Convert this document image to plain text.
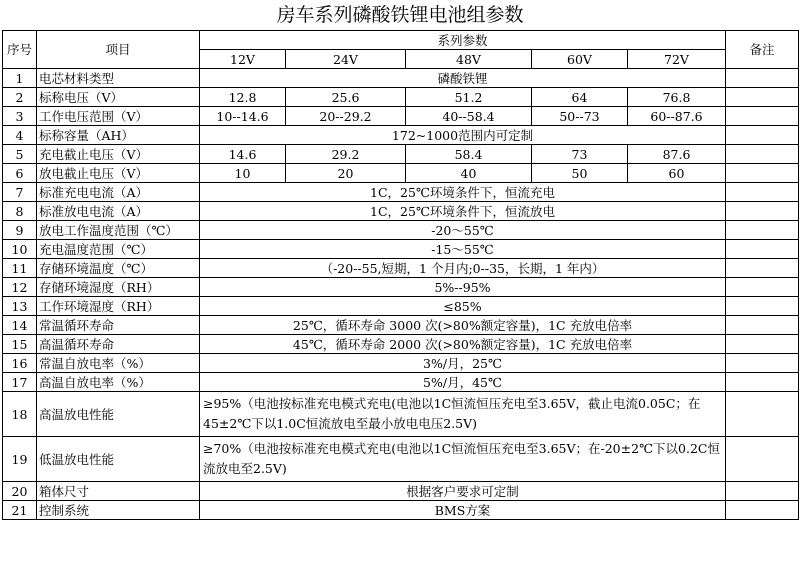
房车系列磷酸铁锂电池组参数
序号	项目	系列参数					备注
		12V	24V	48V	60V	72V	
1	电芯材料类型	磷酸铁锂					
2	标称电压（V）	12.8	25.6	51.2	64	76.8	
3	工作电压范围（V）	10--14.6	20--29.2	40--58.4	50--73	60--87.6	
4	标称容量（AH）	172~1000范围内可定制					
5	充电截止电压（V）	14.6	29.2	58.4	73	87.6	
6	放电截止电压（V）	10	20	40	50	60	
7	标准充电电流（A）	1C，25℃环境条件下，恒流充电					
8	标准放电电流（A）	1C，25℃环境条件下，恒流放电					
9	放电工作温度范围（℃）	-20～55℃					
10	充电温度范围（℃）	-15～55℃					
11	存储环境温度（℃）	（-20--55,短期，1 个月内;0--35，长期，1 年内）					
12	存储环境湿度（RH）	5%--95%					
13	工作环境湿度（RH）	≤85%					
14	常温循环寿命	25℃，循环寿命 3000 次(>80%额定容量)，1C 充放电倍率					
15	高温循环寿命	45℃，循环寿命 2000 次(>80%额定容量)，1C 充放电倍率					
16	常温自放电率（%）	3%/月，25℃					
17	高温自放电率（%）	5%/月，45℃					
18	高温放电性能	≥95%（电池按标准充电模式充电(电池以1C恒流恒压充电至3.65V，截止电流0.05C；在45±2℃下以1.0C恒流放电至最小放电电压2.5V)					
19	低温放电性能	≥70%（电池按标准充电模式充电(电池以1C恒流恒压充电至3.65V；在-20±2℃下以0.2C恒流放电至2.5V)					
20	箱体尺寸	根据客户要求可定制					
21	控制系统	BMS方案					
